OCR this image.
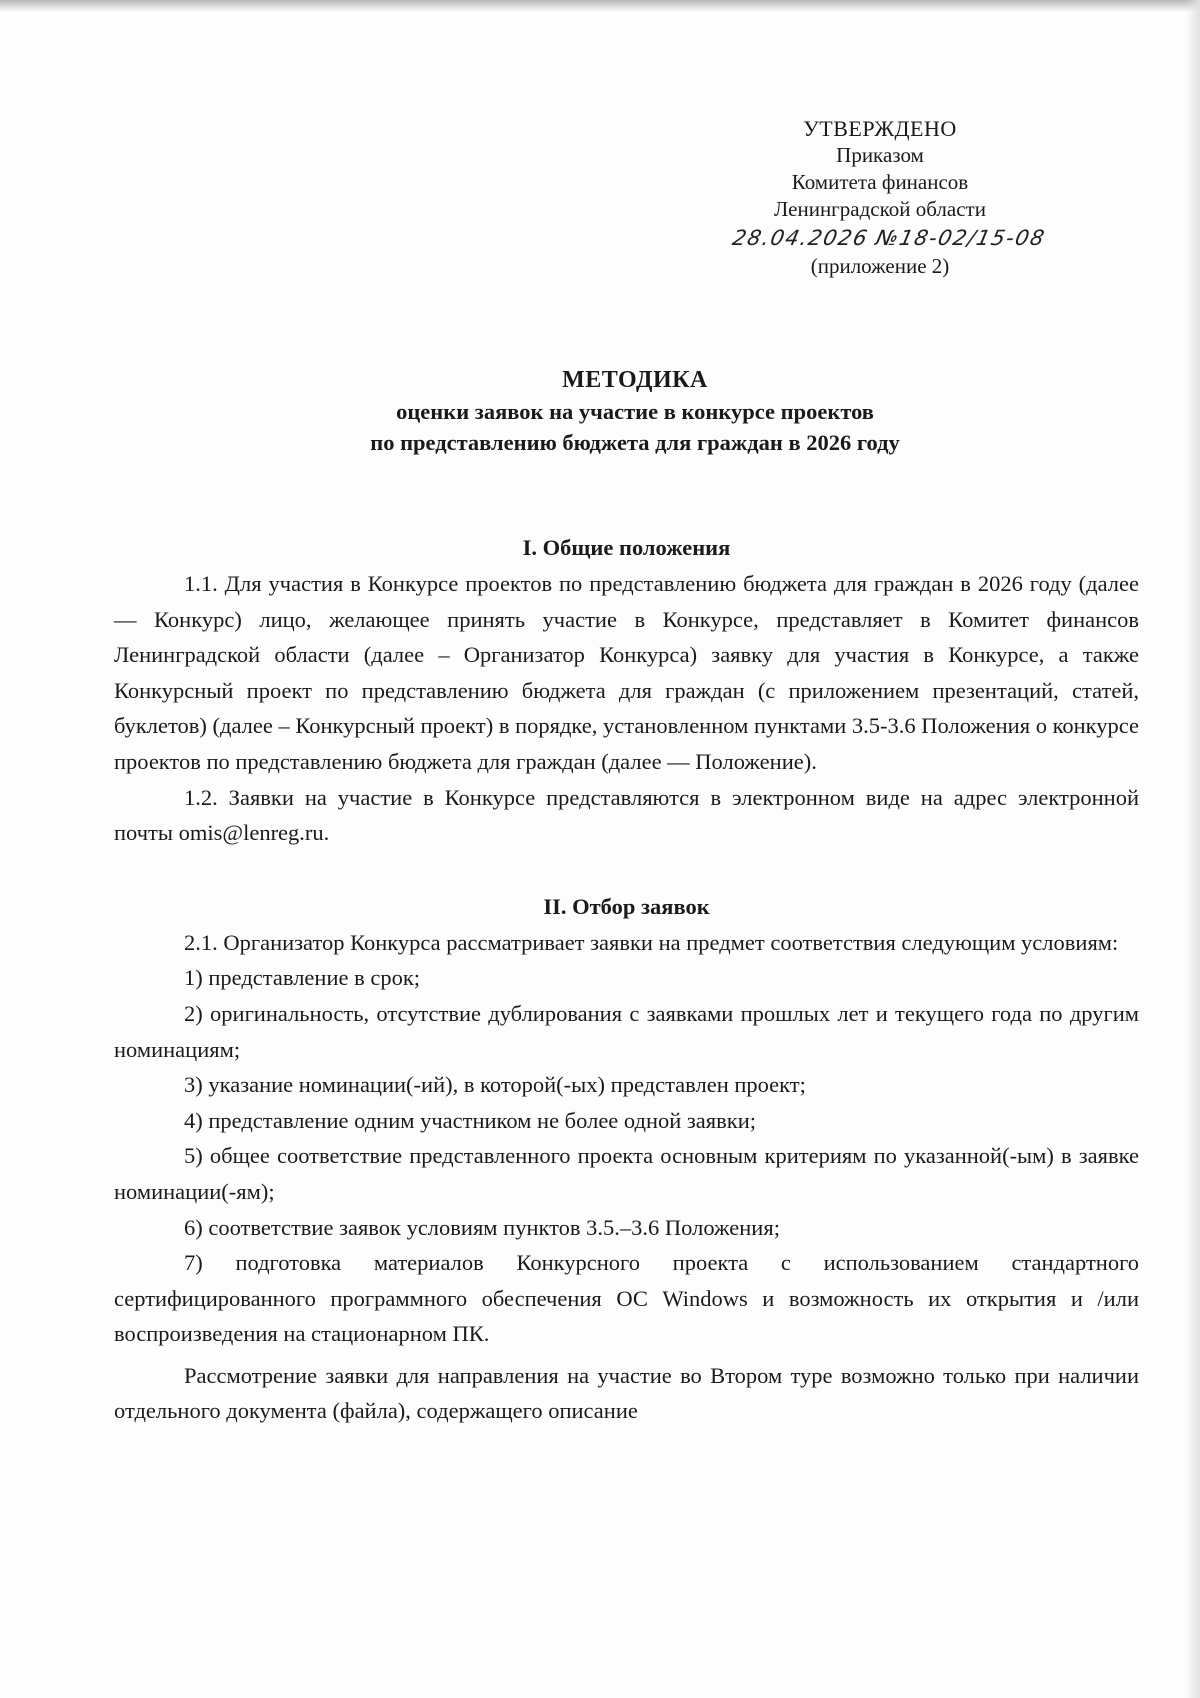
УТВЕРЖДЕНО
Приказом
Комитета финансов
Ленинградской области
28.04.2026 №18-02/15-08
(приложение 2)
МЕТОДИКА
оценки заявок на участие в конкурсе проектов
по представлению бюджета для граждан в 2026 году

I. Общие положения

1.1. Для участия в Конкурсе проектов по представлению бюджета для граждан в 2026 году (далее — Конкурс) лицо, желающее принять участие в Конкурсе, представляет в Комитет финансов Ленинградской области (далее – Организатор Конкурса) заявку для участия в Конкурсе, а также Конкурсный проект по представлению бюджета для граждан (с приложением презентаций, статей, буклетов) (далее – Конкурсный проект) в порядке, установленном пунктами 3.5-3.6 Положения о конкурсе проектов по представлению бюджета для граждан (далее — Положение).

1.2. Заявки на участие в Конкурсе представляются в электронном виде на адрес электронной почты omis@lenreg.ru.

II. Отбор заявок

2.1. Организатор Конкурса рассматривает заявки на предмет соответствия следующим условиям:

1) представление в срок;

2) оригинальность, отсутствие дублирования с заявками прошлых лет и текущего года по другим номинациям;

3) указание номинации(-ий), в которой(-ых) представлен проект;

4) представление одним участником не более одной заявки;

5) общее соответствие представленного проекта основным критериям по указанной(-ым) в заявке номинации(-ям);

6) соответствие заявок условиям пунктов 3.5.–3.6 Положения;

7) подготовка материалов Конкурсного проекта с использованием стандартного сертифицированного программного обеспечения ОС Windows и возможность их открытия и /или воспроизведения на стационарном ПК.

Рассмотрение заявки для направления на участие во Втором туре возможно только при наличии отдельного документа (файла), содержащего описание
